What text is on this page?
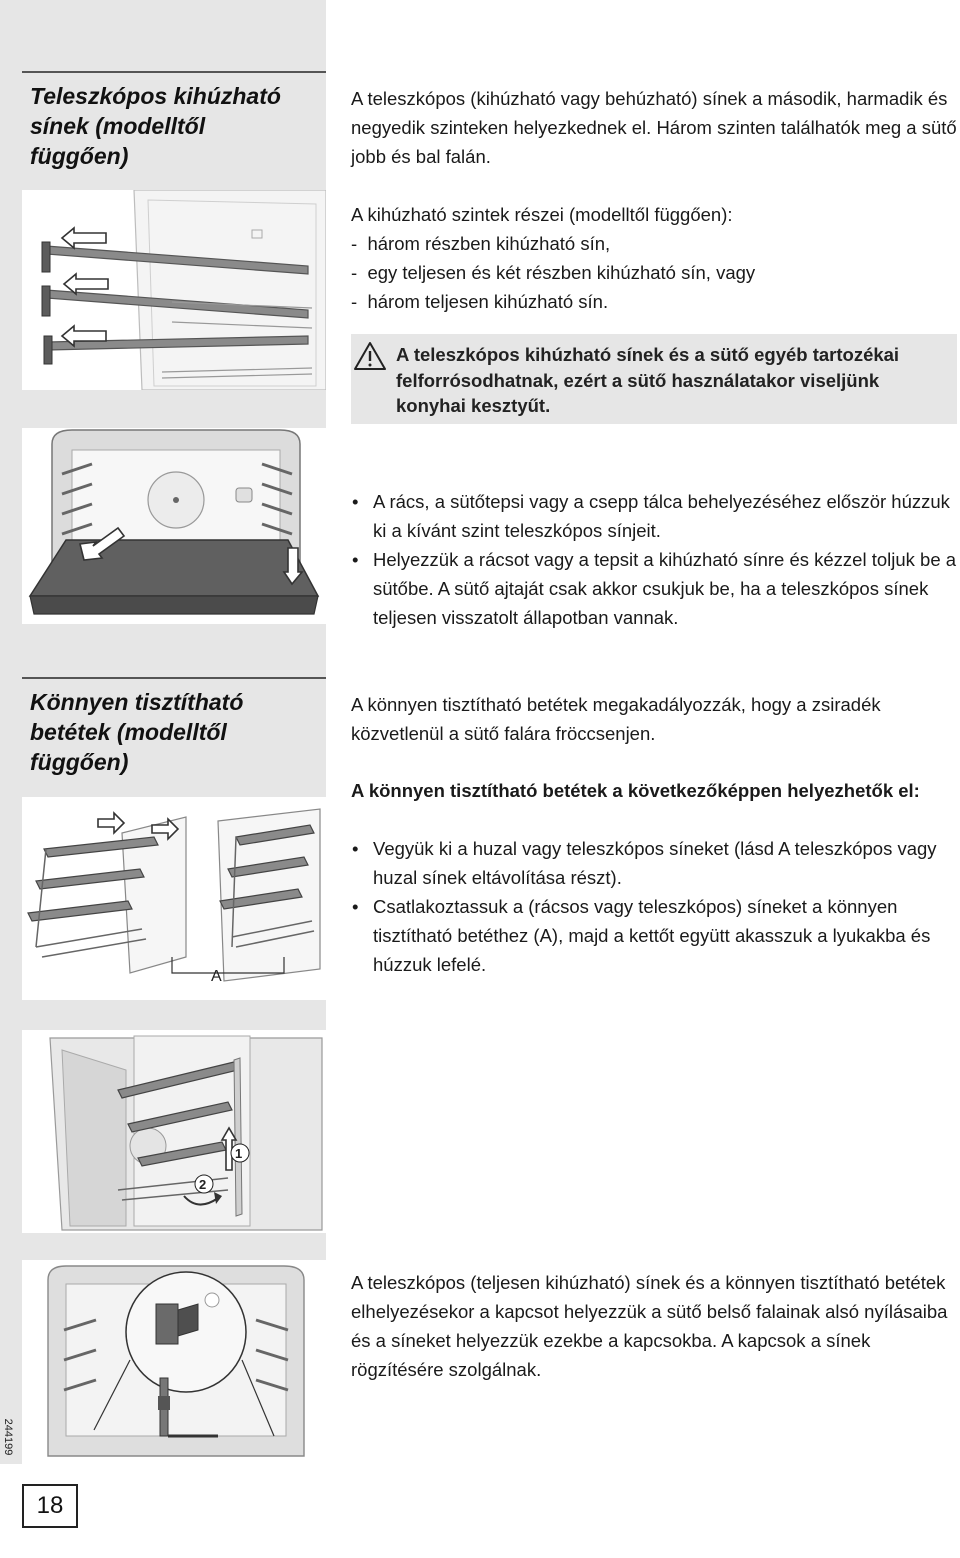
Teleszkópos kihúzható
sínek (modelltől
függően)

A teleszkópos (kihúzható vagy behúzható) sínek a második, harmadik és negyedik szinteken helyezkednek el. Három szinten találhatók meg a sütő jobb és bal falán.

A kihúzható szintek részei (modelltől függően):

-  három részben kihúzható sín,

-  egy teljesen és két részben kihúzható sín, vagy

-  három teljesen kihúzható sín.

A teleszkópos kihúzható sínek és a sütő egyéb tartozékai felforrósodhatnak, ezért a sütő használatakor viseljünk konyhai kesztyűt.
• A rács, a sütőtepsi vagy a csepp tálca behelyezéséhez először húzzuk ki a kívánt szint teleszkópos sínjeit.
• Helyezzük a rácsot vagy a tepsit a kihúzható sínre és kézzel toljuk be a sütőbe. A sütő ajtaját csak akkor csukjuk be, ha a teleszkópos sínek teljesen visszatolt állapotban vannak.
Könnyen tisztítható
betétek (modelltől
függően)
A
1
2

A könnyen tisztítható betétek megakadályozzák, hogy a zsiradék közvetlenül a sütő falára fröccsenjen.

A könnyen tisztítható betétek a következőképpen helyezhetők el:

• Vegyük ki a huzal vagy teleszkópos síneket (lásd A teleszkópos vagy huzal sínek eltávolítása részt).
• Csatlakoztassuk a (rácsos vagy teleszkópos) síneket a könnyen tisztítható betéthez (A), majd a kettőt együtt akasszuk a lyukakba és húzzuk lefelé.

A teleszkópos (teljesen kihúzható) sínek és a könnyen tisztítható betétek elhelyezésekor a kapcsot helyezzük a sütő belső falainak alsó nyílásaiba és a síneket helyezzük ezekbe a kapcsokba. A kapcsok a sínek rögzítésére szolgálnak.

244199
18
